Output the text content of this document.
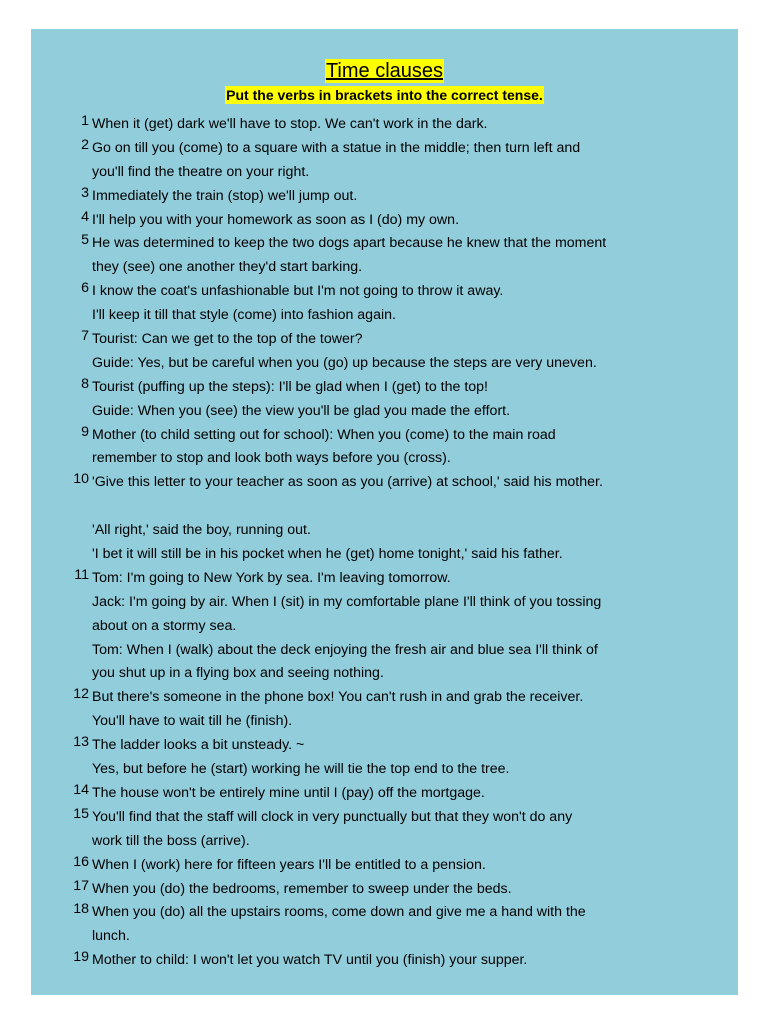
Time clauses
Put the verbs in brackets into the correct tense.
1 When it (get) dark we'll have to stop. We can't work in the dark.
2 Go on till you (come) to a square with a statue in the middle; then turn left and
you'll find the theatre on your right.
3 Immediately the train (stop) we'll jump out.
4 I'll help you with your homework as soon as I (do) my own.
5 He was determined to keep the two dogs apart because he knew that the moment
they (see) one another they'd start barking.
6 I know the coat's unfashionable but I'm not going to throw it away.
I'll keep it till that style (come) into fashion again.
7 Tourist: Can we get to the top of the tower?
Guide: Yes, but be careful when you (go) up because the steps are very uneven.
8 Tourist (puffing up the steps): I'll be glad when I (get) to the top!
Guide: When you (see) the view you'll be glad you made the effort.
9 Mother (to child setting out for school): When you (come) to the main road
remember to stop and look both ways before you (cross).
10 'Give this letter to your teacher as soon as you (arrive) at school,' said his mother.
'All right,' said the boy, running out.
'I bet it will still be in his pocket when he (get) home tonight,' said his father.
11 Tom: I'm going to New York by sea. I'm leaving tomorrow.
Jack: I'm going by air. When I (sit) in my comfortable plane I'll think of you tossing
about on a stormy sea.
Tom: When I (walk) about the deck enjoying the fresh air and blue sea I'll think of
you shut up in a flying box and seeing nothing.
12 But there's someone in the phone box! You can't rush in and grab the receiver.
You'll have to wait till he (finish).
13 The ladder looks a bit unsteady. ~
Yes, but before he (start) working he will tie the top end to the tree.
14 The house won't be entirely mine until I (pay) off the mortgage.
15 You'll find that the staff will clock in very punctually but that they won't do any
work till the boss (arrive).
16 When I (work) here for fifteen years I'll be entitled to a pension.
17 When you (do) the bedrooms, remember to sweep under the beds.
18 When you (do) all the upstairs rooms, come down and give me a hand with the
lunch.
19 Mother to child: I won't let you watch TV until you (finish) your supper.
